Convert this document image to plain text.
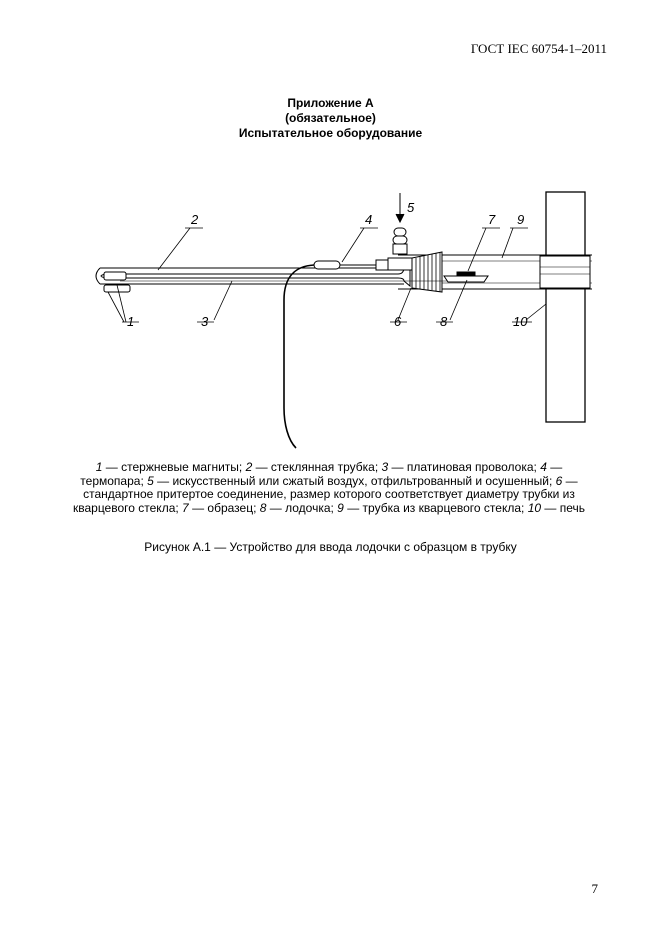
ГОСТ IEC 60754-1–2011
Приложение А
(обязательное)
Испытательное оборудование
2	4
5
7 9
1	3	6	8	10
1 — стержневые магниты; 2 — стеклянная трубка; 3 — платиновая проволока; 4 — термопара; 5 — искусственный или сжатый воздух, отфильтрованный и осушенный; 6 — стандартное притертое соединение, размер которого соответствует диаметру трубки из кварцевого стекла; 7 — образец; 8 — лодочка; 9 — трубка из кварцевого стекла; 10 — печь
Рисунок А.1 — Устройство для ввода лодочки с образцом в трубку
7
